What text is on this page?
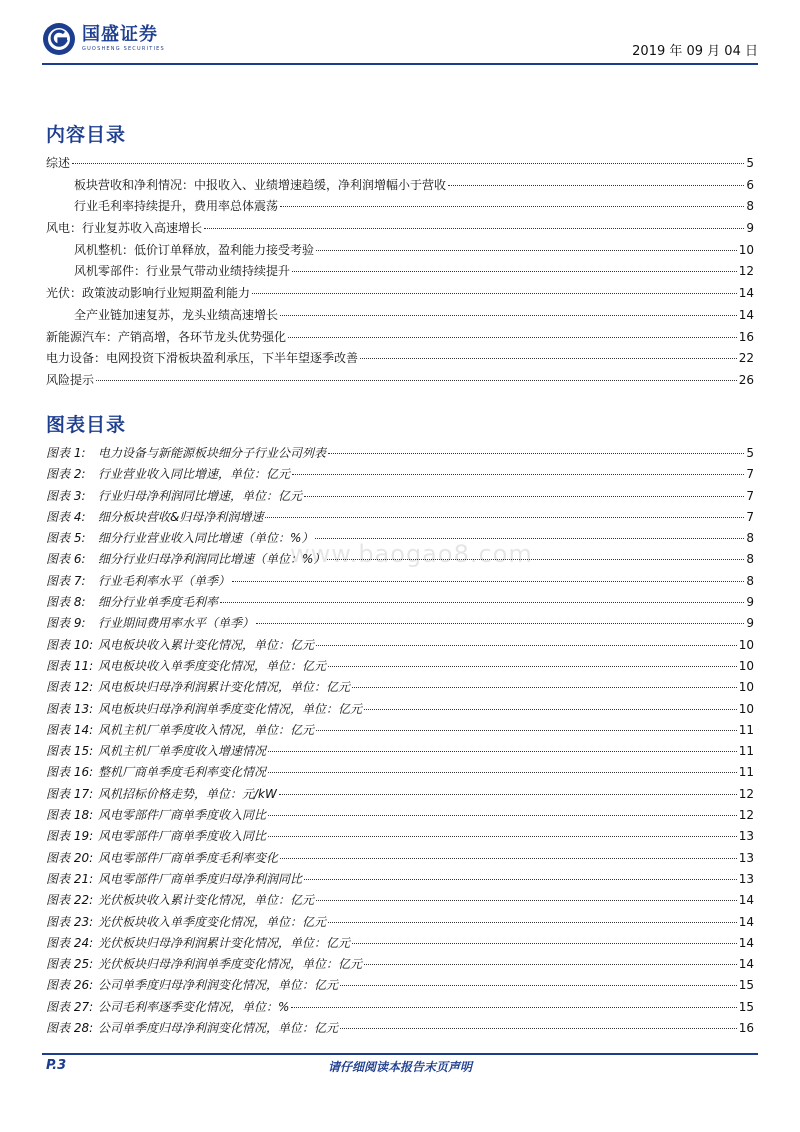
国盛证券
GUOSHENG SECURITIES	2019 年 09 月 04 日
内容目录
综述	5
板块营收和净利情况：中报收入、业绩增速趋缓，净利润增幅小于营收	6
行业毛利率持续提升，费用率总体震荡	8
风电：行业复苏收入高速增长	9
风机整机：低价订单释放，盈利能力接受考验	10
风机零部件：行业景气带动业绩持续提升	12
光伏：政策波动影响行业短期盈利能力	14
全产业链加速复苏，龙头业绩高速增长	14
新能源汽车：产销高增，各环节龙头优势强化	16
电力设备：电网投资下滑板块盈利承压，下半年望逐季改善	22
风险提示	26
图表目录
图表 1:	电力设备与新能源板块细分子行业公司列表	5
图表 2:	行业营业收入同比增速，单位：亿元	7
图表 3:	行业归母净利润同比增速，单位：亿元	7
图表 4:	细分板块营收&归母净利润增速	7
图表 5:	细分行业营业收入同比增速（单位：%）	8
图表 6:	细分行业归母净利润同比增速（单位：%）	8
图表 7:	行业毛利率水平（单季）	8
图表 8:	细分行业单季度毛利率	9
图表 9:	行业期间费用率水平（单季）	9
图表 10: 风电板块收入累计变化情况，单位：亿元	10
图表 11: 风电板块收入单季度变化情况，单位：亿元	10
图表 12: 风电板块归母净利润累计变化情况，单位：亿元	10
图表 13: 风电板块归母净利润单季度变化情况，单位：亿元	10
图表 14: 风机主机厂单季度收入情况，单位：亿元	11
图表 15: 风机主机厂单季度收入增速情况	11
图表 16: 整机厂商单季度毛利率变化情况	11
图表 17: 风机招标价格走势，单位：元/kW	12
图表 18: 风电零部件厂商单季度收入同比	12
图表 19: 风电零部件厂商单季度收入同比	13
图表 20: 风电零部件厂商单季度毛利率变化	13
图表 21: 风电零部件厂商单季度归母净利润同比	13
图表 22: 光伏板块收入累计变化情况，单位：亿元	14
图表 23: 光伏板块收入单季度变化情况，单位：亿元	14
图表 24: 光伏板块归母净利润累计变化情况，单位：亿元	14
图表 25: 光伏板块归母净利润单季度变化情况，单位：亿元	14
图表 26: 公司单季度归母净利润变化情况，单位：亿元	15
图表 27: 公司毛利率逐季变化情况，单位：%	15
图表 28: 公司单季度归母净利润变化情况，单位：亿元	16
www.baogao8.com
P.3	请仔细阅读本报告末页声明
